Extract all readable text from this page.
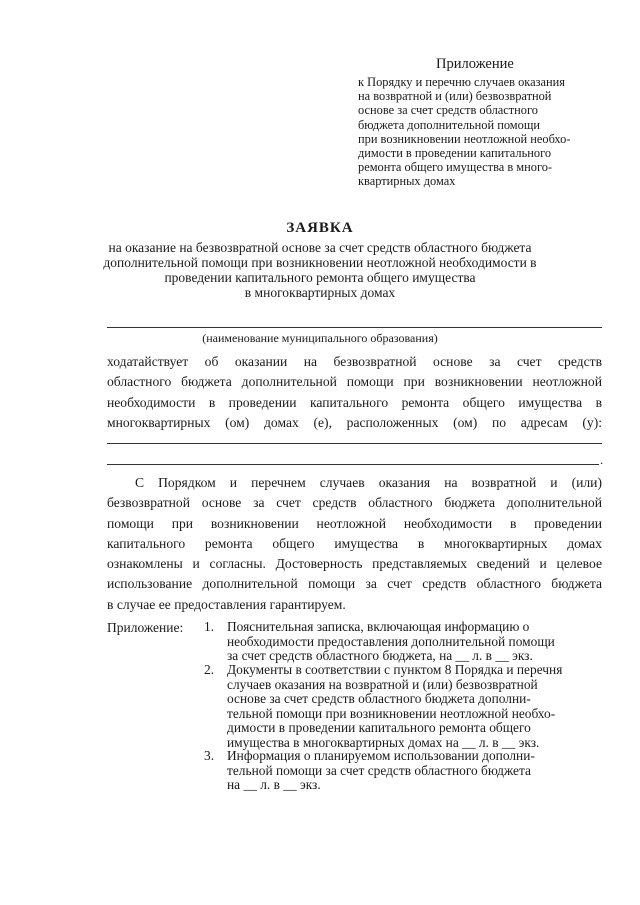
Приложение
к Порядку и перечню случаев оказания
на возвратной и (или) безвозвратной
основе за счет средств областного
бюджета дополнительной помощи
при возникновении неотложной необхо-
димости в проведении капитального
ремонта общего имущества в много-
квартирных домах
ЗАЯВКА
на оказание на безвозвратной основе за счет средств областного бюджета
дополнительной помощи при возникновении неотложной необходимости в
проведении капитального ремонта общего имущества
в многоквартирных домах
(наименование муниципального образования)
ходатайствует об оказании на безвозвратной основе за счет средств
областного бюджета дополнительной помощи при возникновении неотложной
необходимости в проведении капитального ремонта общего имущества в
многоквартирных (ом) домах (е), расположенных (ом) по адресам (у):
.
С Порядком и перечнем случаев оказания на возвратной и (или)
безвозвратной основе за счет средств областного бюджета дополнительной
помощи при возникновении неотложной необходимости в проведении
капитального ремонта общего имущества в многоквартирных домах
ознакомлены и согласны. Достоверность представляемых сведений и целевое
использование дополнительной помощи за счет средств областного бюджета
в случае ее предоставления гарантируем.
Приложение: 1. Пояснительная записка, включающая информацию о
необходимости предоставления дополнительной помощи
за счет средств областного бюджета, на __ л. в __ экз.
2. Документы в соответствии с пунктом 8 Порядка и перечня
случаев оказания на возвратной и (или) безвозвратной
основе за счет средств областного бюджета дополни-
тельной помощи при возникновении неотложной необхо-
димости в проведении капитального ремонта общего
имущества в многоквартирных домах на __ л. в __ экз.
3. Информация о планируемом использовании дополни-
тельной помощи за счет средств областного бюджета
на __ л. в __ экз.
